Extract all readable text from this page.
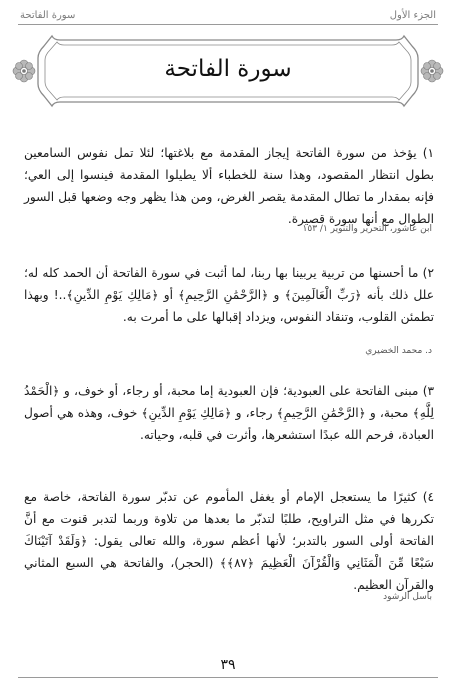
الجزء الأول
سورة الفاتحة
سورة الفاتحة
١) يؤخذ من سورة الفاتحة إيجاز المقدمة مع بلاغتها؛ لئلا تمل نفوس السامعين بطول انتظار المقصود، وهذا سنة للخطباء ألا يطيلوا المقدمة فينسوا إلى العي؛ فإنه بمقدار ما تطال المقدمة يقصر الغرض، ومن هذا يظهر وجه وضعها قبل السور الطوال مع أنها سورة قصيرة.
ابن عاشور، التحرير والتنوير ١/ ١٥٣
٢) ما أحسنها من تربية يربينا بها ربنا، لما أثبت في سورة الفاتحة أن الحمد كله له؛ علل ذلك بأنه ﴿رَبِّ الْعَالَمِينَ﴾ و ﴿الرَّحْمَٰنِ الرَّحِيمِ﴾ أو ﴿مَالِكِ يَوْمِ الدِّينِ﴾..! وبهذا تطمئن القلوب، وتنقاد النفوس، ويزداد إقبالها على ما أمرت به.
د. محمد الخضيري
٣) مبنى الفاتحة على العبودية؛ فإن العبودية إما محبة، أو رجاء، أو خوف، و ﴿الْحَمْدُ لِلَّهِ﴾ محبة، و ﴿الرَّحْمَٰنِ الرَّحِيمِ﴾ رجاء، و ﴿مَالِكِ يَوْمِ الدِّينِ﴾ خوف، وهذه هي أصول العبادة، فرحم الله عبدًا استشعرها، وأثرت في قلبه، وحياته.
٤) كثيرًا ما يستعجل الإمام أو يغفل المأموم عن تدبّر سورة الفاتحة، خاصة مع تكررها في مثل التراويح، طلبًا لتدبّر ما بعدها من تلاوة وربما لتدبر قنوت مع أنَّ الفاتحة أولى السور بالتدبر؛ لأنها أعظم سورة، والله تعالى يقول: ﴿وَلَقَدْ آتَيْنَاكَ سَبْعًا مِّنَ الْمَثَانِي وَالْقُرْآنَ الْعَظِيمَ ﴿٨٧﴾﴾ (الحجر)، والفاتحة هي السبع المثاني والقرآن العظيم.
باسل الرشود
٣٩
